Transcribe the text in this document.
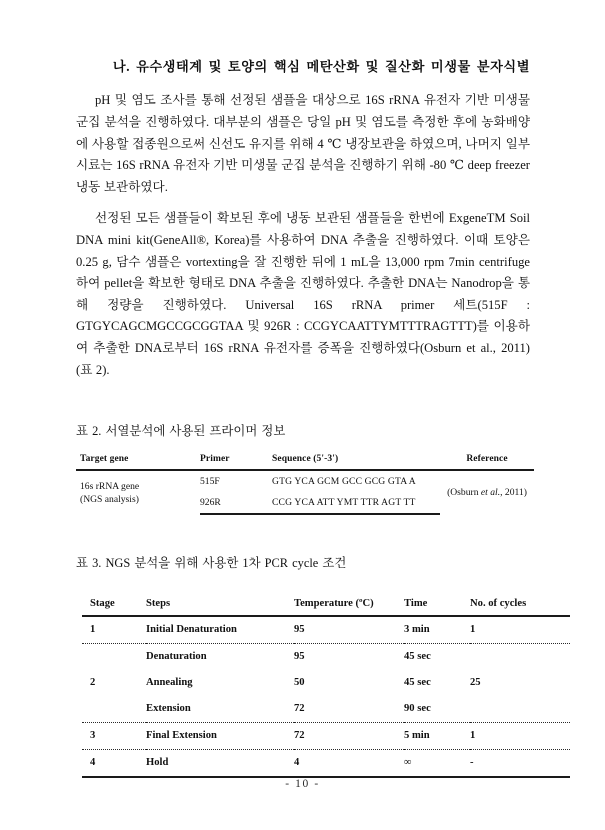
나. 유수생태계 및 토양의 핵심 메탄산화 및 질산화 미생물 분자식별

pH 및 염도 조사를 통해 선정된 샘플을 대상으로 16S rRNA 유전자 기반 미생물 군집 분석을 진행하였다. 대부분의 샘플은 당일 pH 및 염도를 측정한 후에 농화배양에 사용할 접종원으로써 신선도 유지를 위해 4 ℃ 냉장보관을 하였으며, 나머지 일부 시료는 16S rRNA 유전자 기반 미생물 군집 분석을 진행하기 위해 -80 ℃ deep freezer 냉동 보관하였다.

선정된 모든 샘플들이 확보된 후에 냉동 보관된 샘플들을 한번에 ExgeneTM Soil DNA mini kit(GeneAll®, Korea)를 사용하여 DNA 추출을 진행하였다. 이때 토양은 0.25 g, 담수 샘플은 vortexting을 잘 진행한 뒤에 1 mL을 13,000 rpm 7min centrifuge 하여 pellet을 확보한 형태로 DNA 추출을 진행하였다. 추출한 DNA는 Nanodrop을 통해 정량을 진행하였다. Universal 16S rRNA primer 세트(515F : GTGYCAGCMGCCGCGGTAA 및 926R : CCGYCAATTYMTTTRAGTTT)를 이용하여 추출한 DNA로부터 16S rRNA 유전자를 증폭을 진행하였다(Osburn et al., 2011)(표 2).

표 2. 서열분석에 사용된 프라이머 정보
Target gene	Primer	Sequence (5'-3')	Reference
16s rRNA gene
(NGS analysis)	515F	GTG YCA GCM GCC GCG GTA A	(Osburn et al., 2011)
	926R	CCG YCA ATT YMT TTR AGT TT	
표 3. NGS 분석을 위해 사용한 1차 PCR cycle 조건
Stage	Steps	Temperature (ºC)	Time	No. of cycles
1	Initial Denaturation	95	3 min	1
	Denaturation	95	45 sec	
2	Annealing	50	45 sec	25
	Extension	72	90 sec	
3	Final Extension	72	5 min	1
4	Hold	4	∞	-
- 10 -
